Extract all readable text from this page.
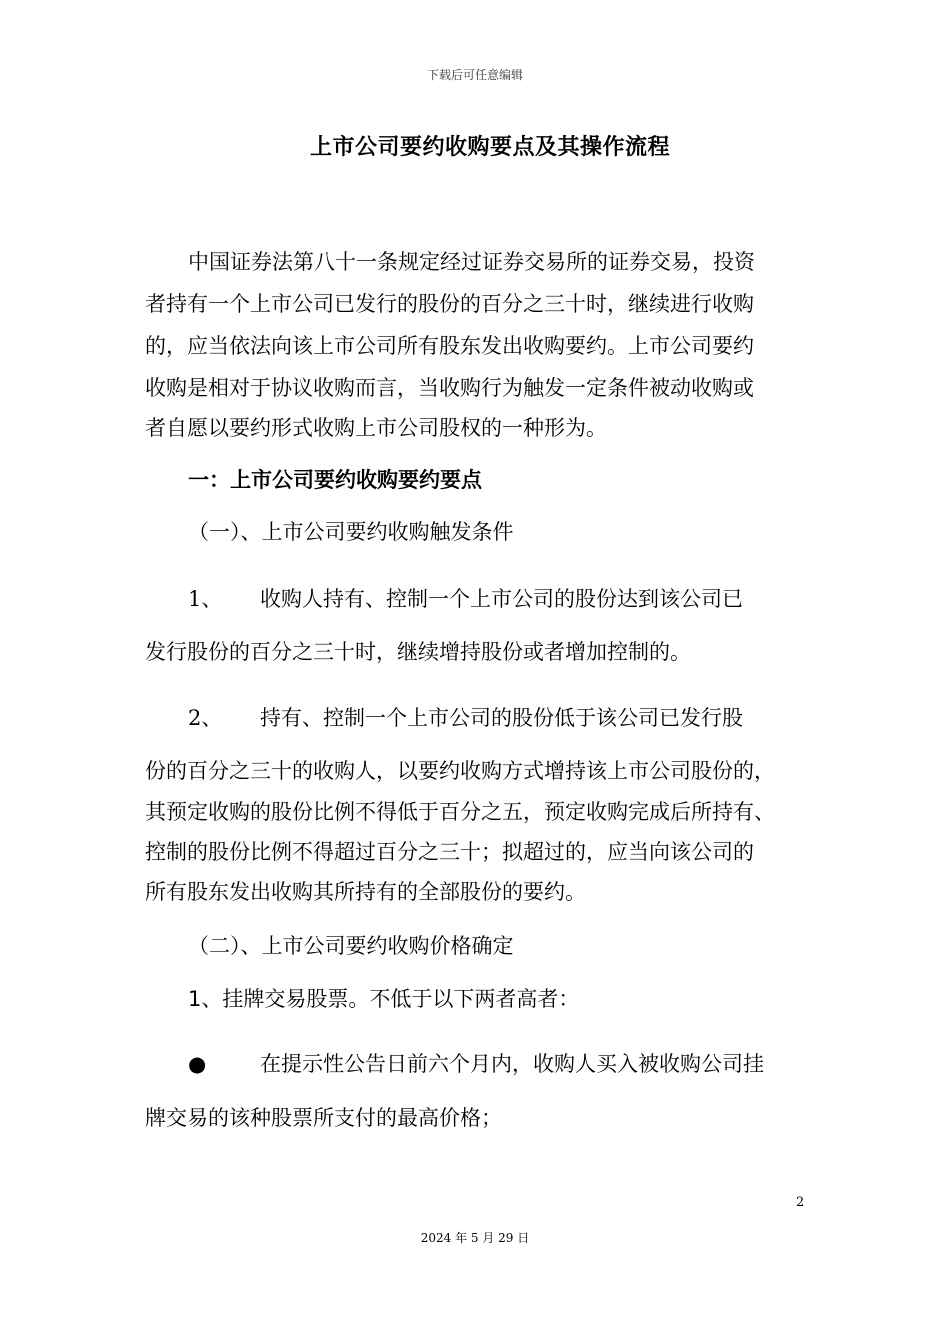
下载后可任意编辑
上市公司要约收购要点及其操作流程
中国证券法第八十一条规定经过证券交易所的证券交易，投资
者持有一个上市公司已发行的股份的百分之三十时，继续进行收购
的，应当依法向该上市公司所有股东发出收购要约。上市公司要约
收购是相对于协议收购而言，当收购行为触发一定条件被动收购或
者自愿以要约形式收购上市公司股权的一种形为。
一：上市公司要约收购要约要点
（一）、上市公司要约收购触发条件
1、 收购人持有、控制一个上市公司的股份达到该公司已
发行股份的百分之三十时，继续增持股份或者增加控制的。
2、 持有、控制一个上市公司的股份低于该公司已发行股
份的百分之三十的收购人，以要约收购方式增持该上市公司股份的，
其预定收购的股份比例不得低于百分之五，预定收购完成后所持有、
控制的股份比例不得超过百分之三十；拟超过的，应当向该公司的
所有股东发出收购其所持有的全部股份的要约。
（二）、上市公司要约收购价格确定
1、挂牌交易股票。不低于以下两者高者：
●	在提示性公告日前六个月内，收购人买入被收购公司挂
牌交易的该种股票所支付的最高价格；
2
2024 年 5 月 29 日
